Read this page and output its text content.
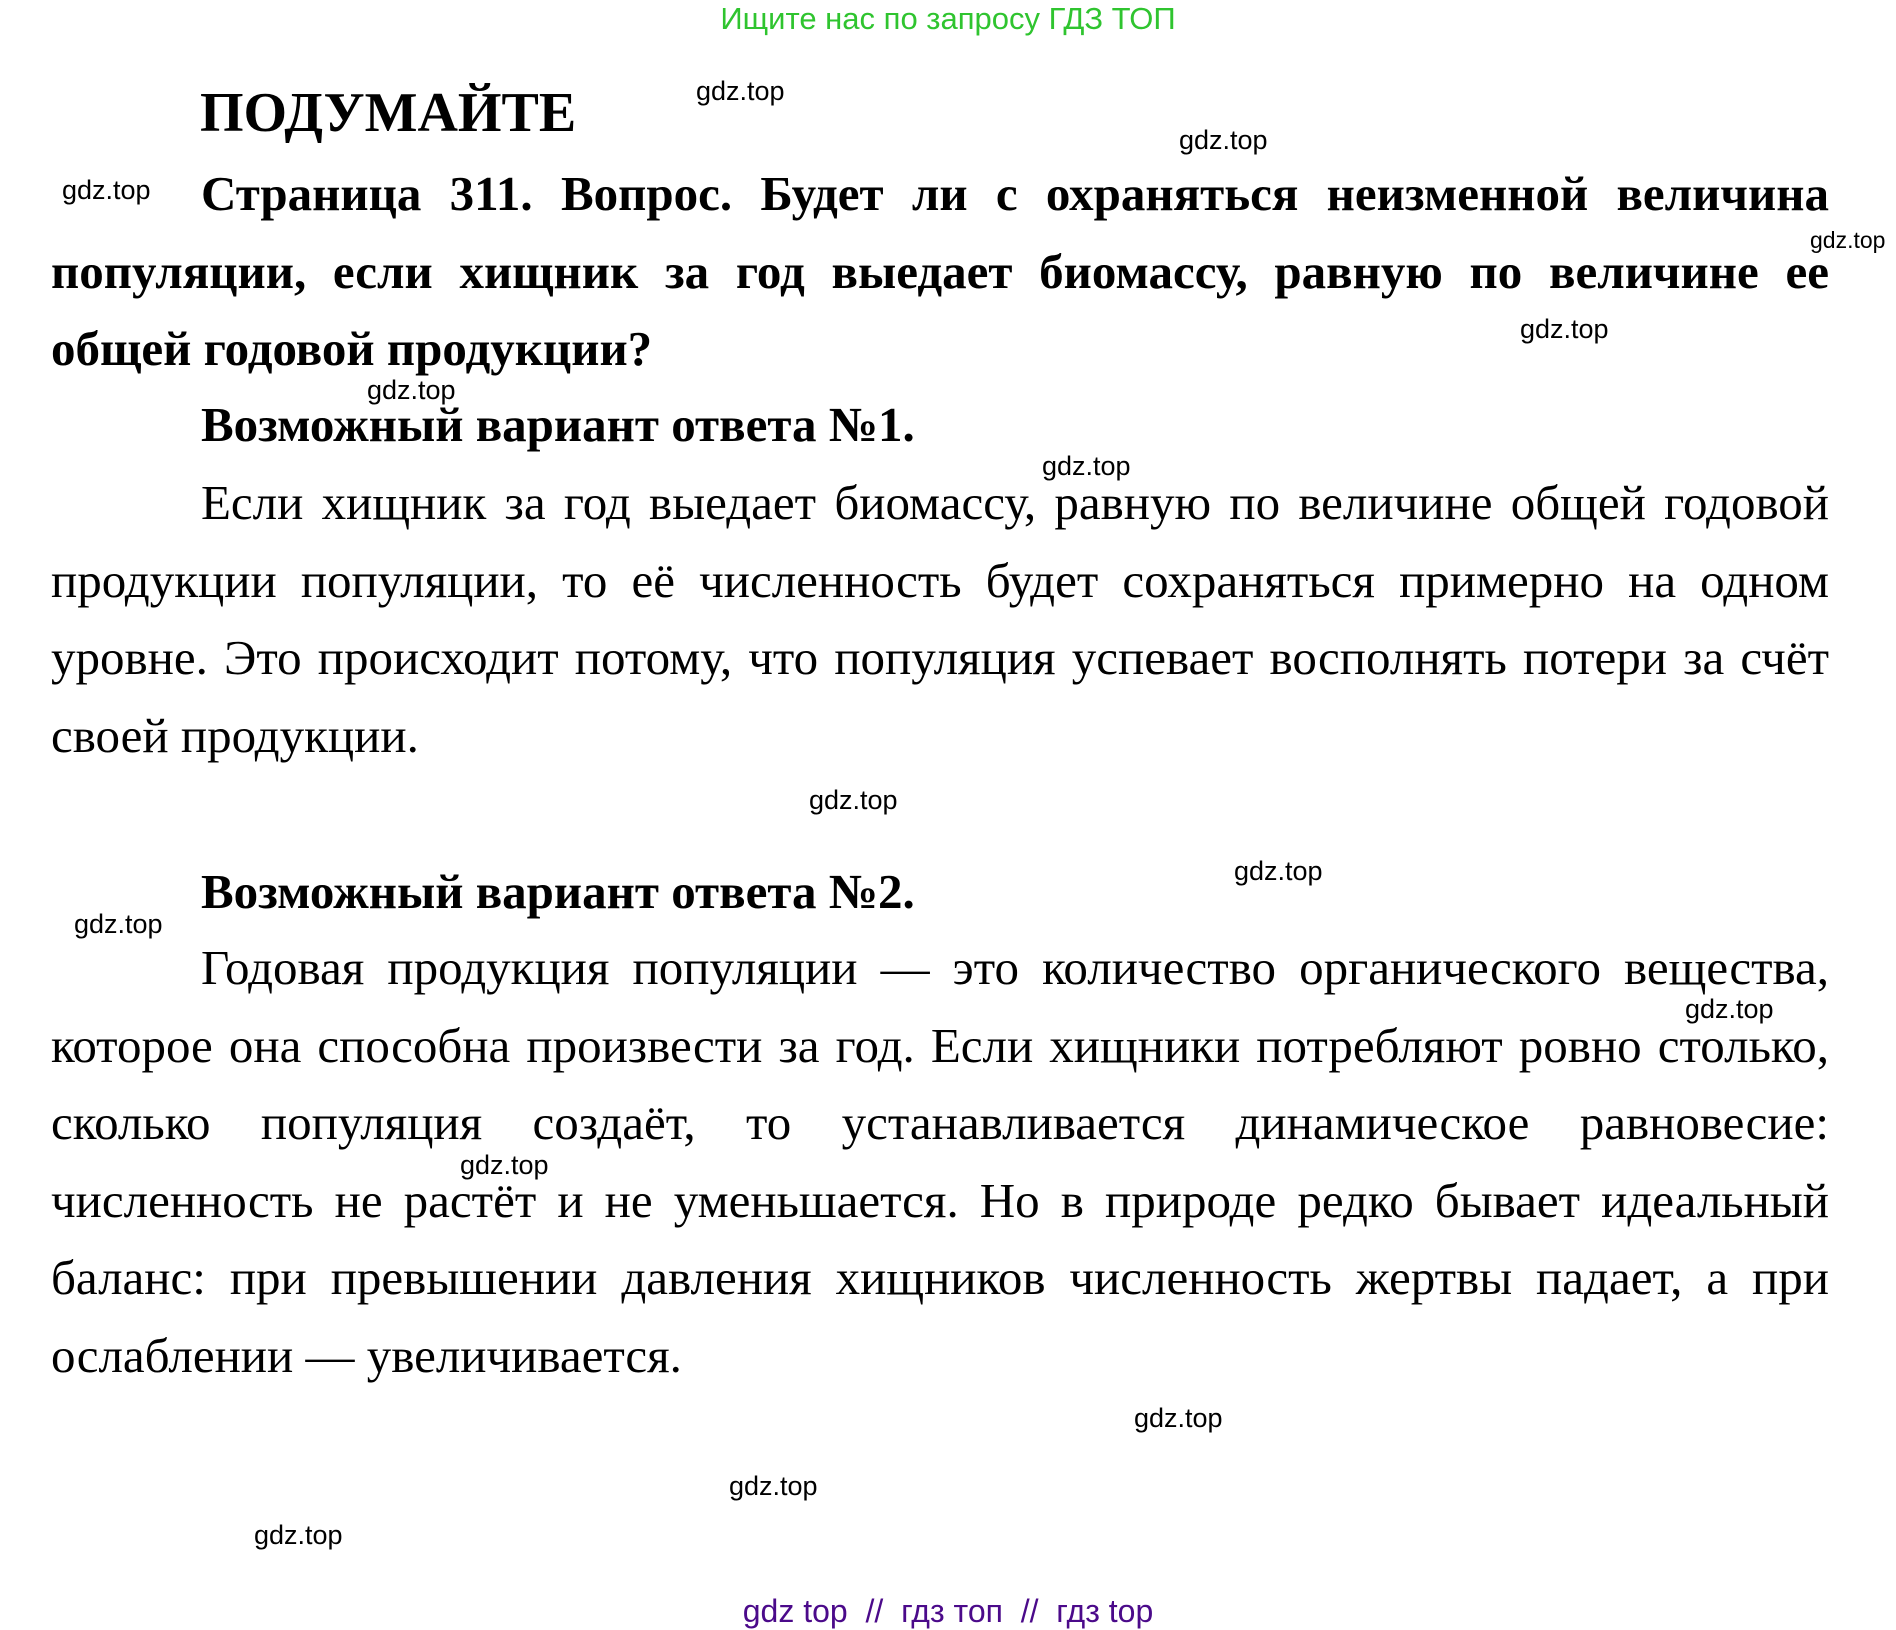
Ищите нас по запросу ГДЗ ТОП
ПОДУМАЙТЕ
Страница 311. Вопрос. Будет ли с охраняться неизменной величина популяции, если хищник за год выедает биомассу, равную по величине ее общей годовой продукции?
Возможный вариант ответа №1.
Если хищник за год выедает биомассу, равную по величине общей годовой продукции популяции, то её численность будет сохраняться примерно на одном уровне. Это происходит потому, что популяция успевает восполнять потери за счёт своей продукции.
Возможный вариант ответа №2.
Годовая продукция популяции — это количество органического вещества, которое она способна произвести за год. Если хищники потребляют ровно столько, сколько популяция создаёт, то устанавливается динамическое равновесие: численность не растёт и не уменьшается. Но в природе редко бывает идеальный баланс: при превышении давления хищников численность жертвы падает, а при ослаблении — увеличивается.
gdz.top
gdz.top
gdz.top
gdz.top
gdz.top
gdz.top
gdz.top
gdz.top
gdz.top
gdz.top
gdz.top
gdz.top
gdz.top
gdz.top
gdz.top
gdz top  //  гдз топ  //  гдз top
